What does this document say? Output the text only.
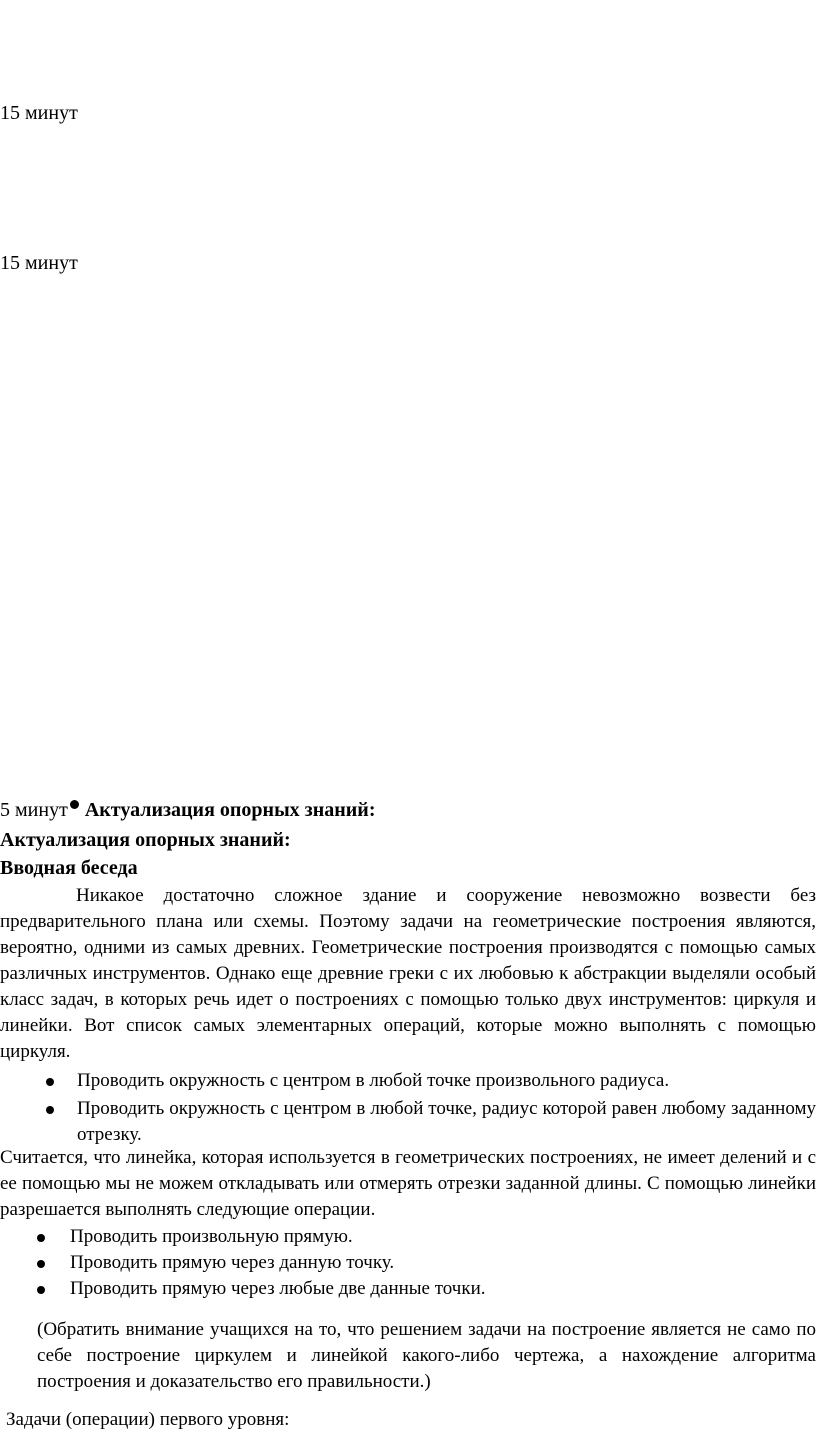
15 минут
15 минут
5 минут Актуализация опорных знаний:
Актуализация опорных знаний:
Вводная беседа

Никакое достаточно сложное здание и сооружение невозможно возвести без предварительного плана или схемы. Поэтому задачи на геометрические построения являются, вероятно, одними из самых древних. Геометрические построения производятся с помощью самых различных инструментов. Однако еще древние греки с их любовью к абстракции выделяли особый класс задач, в которых речь идет о построениях с помощью только двух инструментов: циркуля и линейки. Вот список самых элементарных операций, которые можно выполнять с помощью циркуля.

Проводить окружность с центром в любой точке произвольного радиуса.
Проводить окружность с центром в любой точке, радиус которой равен любому заданному отрезку.

Считается, что линейка, которая используется в геометрических построениях, не имеет делений и с ее помощью мы не можем откладывать или отмерять отрезки заданной длины. С помощью линейки разрешается выполнять следующие операции.

Проводить произвольную прямую.
Проводить прямую через данную точку.
Проводить прямую через любые две данные точки.

(Обратить внимание учащихся на то, что решением задачи на построение является не само по себе построение циркулем и линейкой какого-либо чертежа, а нахождение алгоритма построения и доказательство его правильности.)

Задачи (операции) первого уровня:
